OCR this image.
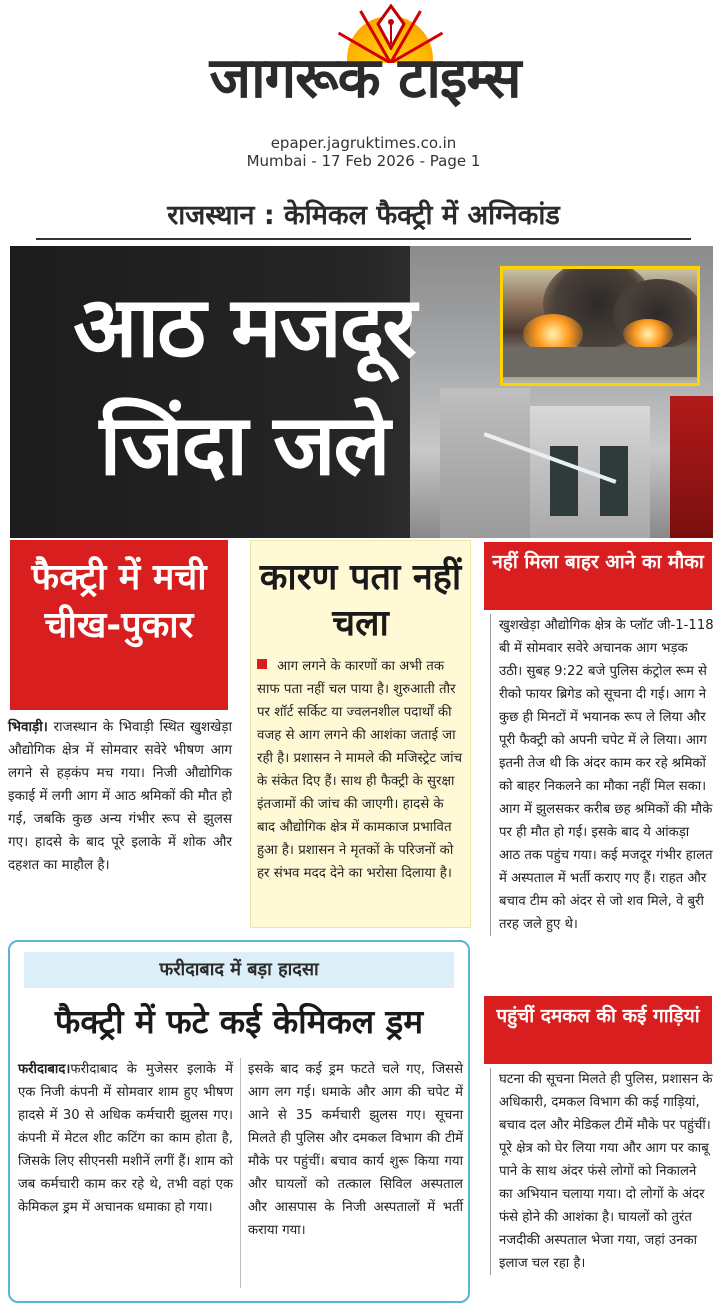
जागरूक टाइम्स
epaper.jagruktimes.co.in
Mumbai - 17 Feb 2026 - Page 1
राजस्थान : केमिकल फैक्ट्री में अग्निकांड
आठ मजदूर
जिंदा जले
फैक्ट्री में मची चीख-पुकार
भिवाड़ी। राजस्थान के भिवाड़ी स्थित खुशखेड़ा औद्योगिक क्षेत्र में सोमवार सवेरे भीषण आग लगने से हड़कंप मच गया। निजी औद्योगिक इकाई में लगी आग में आठ श्रमिकों की मौत हो गई, जबकि कुछ अन्य गंभीर रूप से झुलस गए। हादसे के बाद पूरे इलाके में शोक और दहशत का माहौल है।
कारण पता नहीं चला
आग लगने के कारणों का अभी तक साफ पता नहीं चल पाया है। शुरुआती तौर पर शॉर्ट सर्किट या ज्वलनशील पदार्थों की वजह से आग लगने की आशंका जताई जा रही है। प्रशासन ने मामले की मजिस्ट्रेट जांच के संकेत दिए हैं। साथ ही फैक्ट्री के सुरक्षा इंतजामों की जांच की जाएगी। हादसे के बाद औद्योगिक क्षेत्र में कामकाज प्रभावित हुआ है। प्रशासन ने मृतकों के परिजनों को हर संभव मदद देने का भरोसा दिलाया है।
नहीं मिला बाहर आने का मौका
खुशखेड़ा औद्योगिक क्षेत्र के प्लॉट जी-1-118 बी में सोमवार सवेरे अचानक आग भड़क उठी। सुबह 9:22 बजे पुलिस कंट्रोल रूम से रीको फायर ब्रिगेड को सूचना दी गई। आग ने कुछ ही मिनटों में भयानक रूप ले लिया और पूरी फैक्ट्री को अपनी चपेट में ले लिया। आग इतनी तेज थी कि अंदर काम कर रहे श्रमिकों को बाहर निकलने का मौका नहीं मिल सका। आग में झुलसकर करीब छह श्रमिकों की मौके पर ही मौत हो गई। इसके बाद ये आंकड़ा आठ तक पहुंच गया। कई मजदूर गंभीर हालत में अस्पताल में भर्ती कराए गए हैं। राहत और बचाव टीम को अंदर से जो शव मिले, वे बुरी तरह जले हुए थे।
पहुंचीं दमकल की कई गाड़ियां
घटना की सूचना मिलते ही पुलिस, प्रशासन के अधिकारी, दमकल विभाग की कई गाड़ियां, बचाव दल और मेडिकल टीमें मौके पर पहुंचीं। पूरे क्षेत्र को घेर लिया गया और आग पर काबू पाने के साथ अंदर फंसे लोगों को निकालने का अभियान चलाया गया। दो लोगों के अंदर फंसे होने की आशंका है। घायलों को तुरंत नजदीकी अस्पताल भेजा गया, जहां उनका इलाज चल रहा है।
फरीदाबाद में बड़ा हादसा
फैक्ट्री में फटे कई केमिकल ड्रम
फरीदाबाद।फरीदाबाद के मुजेसर इलाके में एक निजी कंपनी में सोमवार शाम हुए भीषण हादसे में 30 से अधिक कर्मचारी झुलस गए। कंपनी में मेटल शीट कटिंग का काम होता है, जिसके लिए सीएनसी मशीनें लगीं हैं। शाम को जब कर्मचारी काम कर रहे थे, तभी वहां एक केमिकल ड्रम में अचानक धमाका हो गया।
इसके बाद कई ड्रम फटते चले गए, जिससे आग लग गई। धमाके और आग की चपेट में आने से 35 कर्मचारी झुलस गए। सूचना मिलते ही पुलिस और दमकल विभाग की टीमें मौके पर पहुंचीं। बचाव कार्य शुरू किया गया और घायलों को तत्काल सिविल अस्पताल और आसपास के निजी अस्पतालों में भर्ती कराया गया।
